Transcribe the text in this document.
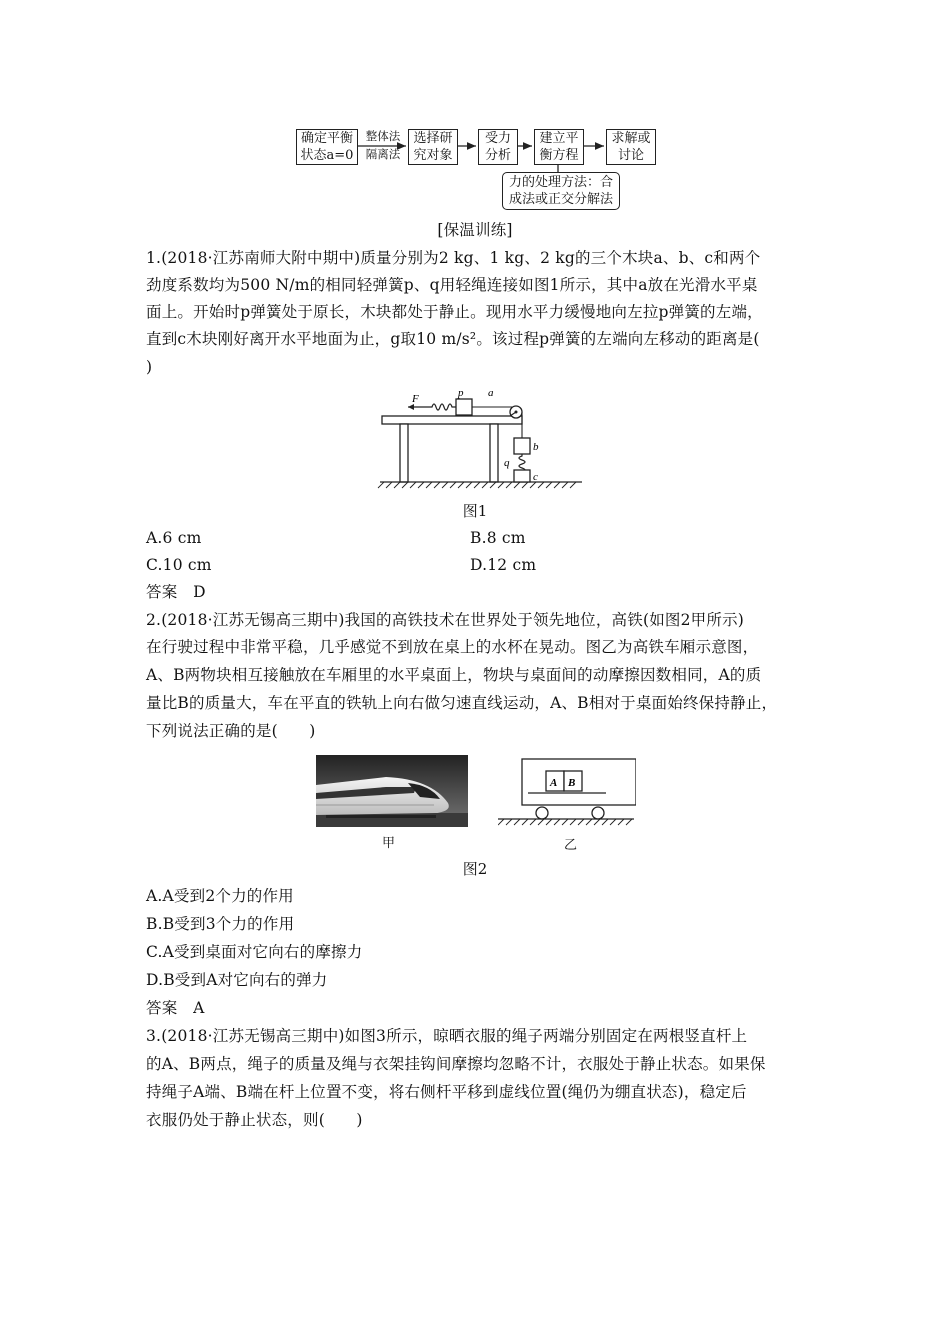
确定平衡
状态a=0
整体法
隔离法
选择研
究对象
受力
分析
建立平
衡方程
求解或
讨论
力的处理方法：合
成法或正交分解法
[保温训练]
1.(2018·江苏南师大附中期中)质量分别为2 kg、1 kg、2 kg的三个木块a、b、c和两个
劲度系数均为500 N/m的相同轻弹簧p、q用轻绳连接如图1所示，其中a放在光滑水平桌
面上。开始时p弹簧处于原长，木块都处于静止。现用水平力缓慢地向左拉p弹簧的左端，
直到c木块刚好离开水平地面为止，g取10 m/s²。该过程p弹簧的左端向左移动的距离是(
)
F	p a
b
q
c
图1
A.6 cm	B.8 cm
C.10 cm	D.12 cm
答案　D
2.(2018·江苏无锡高三期中)我国的高铁技术在世界处于领先地位，高铁(如图2甲所示)
在行驶过程中非常平稳，几乎感觉不到放在桌上的水杯在晃动。图乙为高铁车厢示意图，
A、B两物块相互接触放在车厢里的水平桌面上，物块与桌面间的动摩擦因数相同，A的质
量比B的质量大，车在平直的铁轨上向右做匀速直线运动，A、B相对于桌面始终保持静止，
下列说法正确的是(　　)
甲
A B
乙
图2
A.A受到2个力的作用
B.B受到3个力的作用
C.A受到桌面对它向右的摩擦力
D.B受到A对它向右的弹力
答案　A
3.(2018·江苏无锡高三期中)如图3所示，晾晒衣服的绳子两端分别固定在两根竖直杆上
的A、B两点，绳子的质量及绳与衣架挂钩间摩擦均忽略不计，衣服处于静止状态。如果保
持绳子A端、B端在杆上位置不变，将右侧杆平移到虚线位置(绳仍为绷直状态)，稳定后
衣服仍处于静止状态，则(　　)
